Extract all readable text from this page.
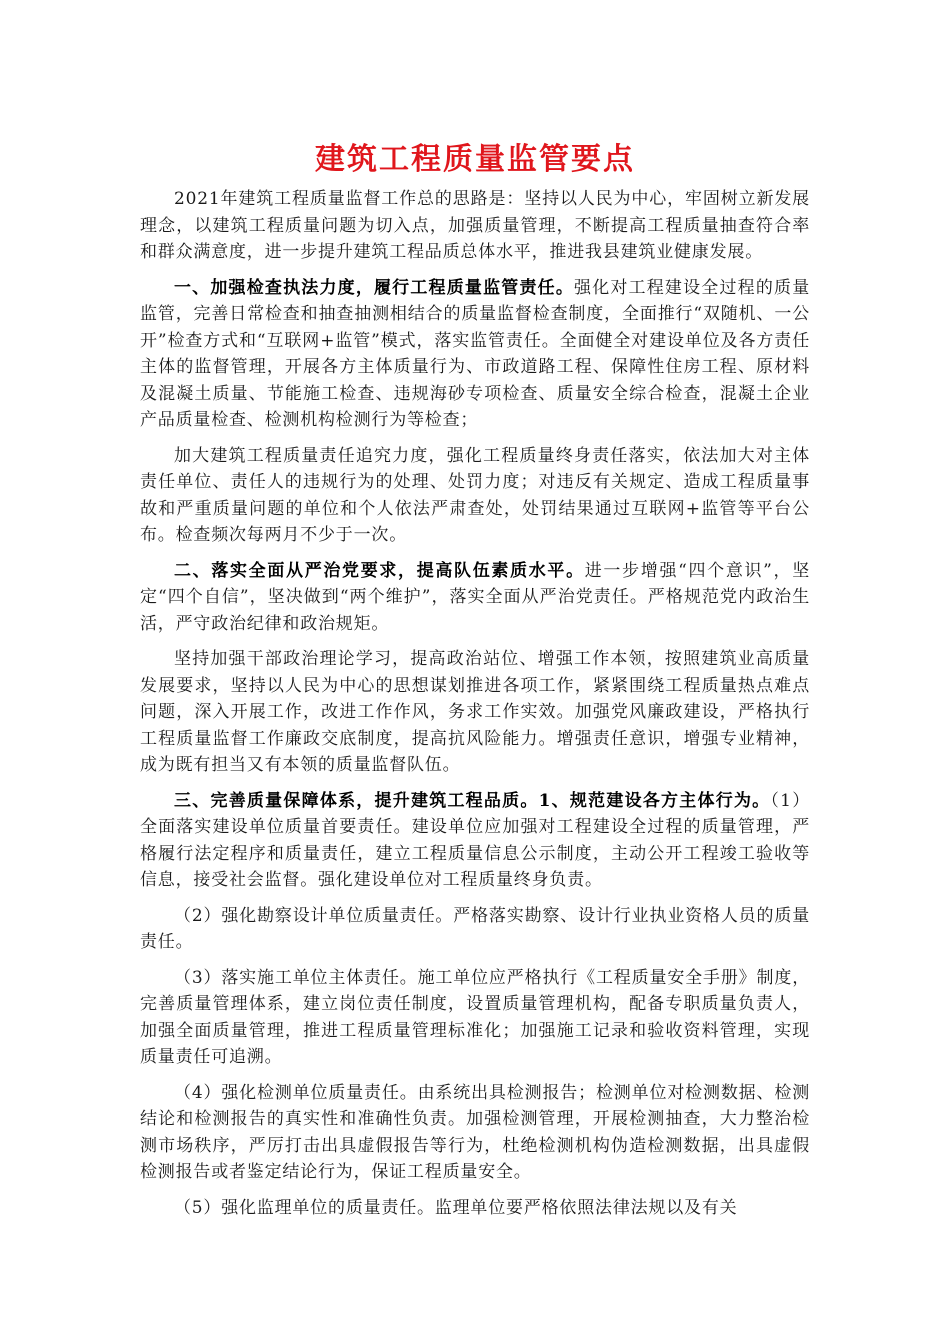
建筑工程质量监管要点

2021年建筑工程质量监督工作总的思路是：坚持以人民为中心，牢固树立新发展理念，以建筑工程质量问题为切入点，加强质量管理，不断提高工程质量抽查符合率和群众满意度，进一步提升建筑工程品质总体水平，推进我县建筑业健康发展。

一、加强检查执法力度，履行工程质量监管责任。强化对工程建设全过程的质量监管，完善日常检查和抽查抽测相结合的质量监督检查制度，全面推行“双随机、一公开”检查方式和“互联网+监管”模式，落实监管责任。全面健全对建设单位及各方责任主体的监督管理，开展各方主体质量行为、市政道路工程、保障性住房工程、原材料及混凝土质量、节能施工检查、违规海砂专项检查、质量安全综合检查，混凝土企业产品质量检查、检测机构检测行为等检查；

加大建筑工程质量责任追究力度，强化工程质量终身责任落实，依法加大对主体责任单位、责任人的违规行为的处理、处罚力度；对违反有关规定、造成工程质量事故和严重质量问题的单位和个人依法严肃查处，处罚结果通过互联网+监管等平台公布。检查频次每两月不少于一次。

二、落实全面从严治党要求，提高队伍素质水平。进一步增强“四个意识”，坚定“四个自信”，坚决做到“两个维护”，落实全面从严治党责任。严格规范党内政治生活，严守政治纪律和政治规矩。

坚持加强干部政治理论学习，提高政治站位、增强工作本领，按照建筑业高质量发展要求，坚持以人民为中心的思想谋划推进各项工作，紧紧围绕工程质量热点难点问题，深入开展工作，改进工作作风，务求工作实效。加强党风廉政建设，严格执行工程质量监督工作廉政交底制度，提高抗风险能力。增强责任意识，增强专业精神，成为既有担当又有本领的质量监督队伍。

三、完善质量保障体系，提升建筑工程品质。1、规范建设各方主体行为。（1）全面落实建设单位质量首要责任。建设单位应加强对工程建设全过程的质量管理，严格履行法定程序和质量责任，建立工程质量信息公示制度，主动公开工程竣工验收等信息，接受社会监督。强化建设单位对工程质量终身负责。

（2）强化勘察设计单位质量责任。严格落实勘察、设计行业执业资格人员的质量责任。

（3）落实施工单位主体责任。施工单位应严格执行《工程质量安全手册》制度，完善质量管理体系，建立岗位责任制度，设置质量管理机构，配备专职质量负责人，加强全面质量管理，推进工程质量管理标准化；加强施工记录和验收资料管理，实现质量责任可追溯。

（4）强化检测单位质量责任。由系统出具检测报告；检测单位对检测数据、检测结论和检测报告的真实性和准确性负责。加强检测管理，开展检测抽查，大力整治检测市场秩序，严厉打击出具虚假报告等行为，杜绝检测机构伪造检测数据，出具虚假检测报告或者鉴定结论行为，保证工程质量安全。

（5）强化监理单位的质量责任。监理单位要严格依照法律法规以及有关
